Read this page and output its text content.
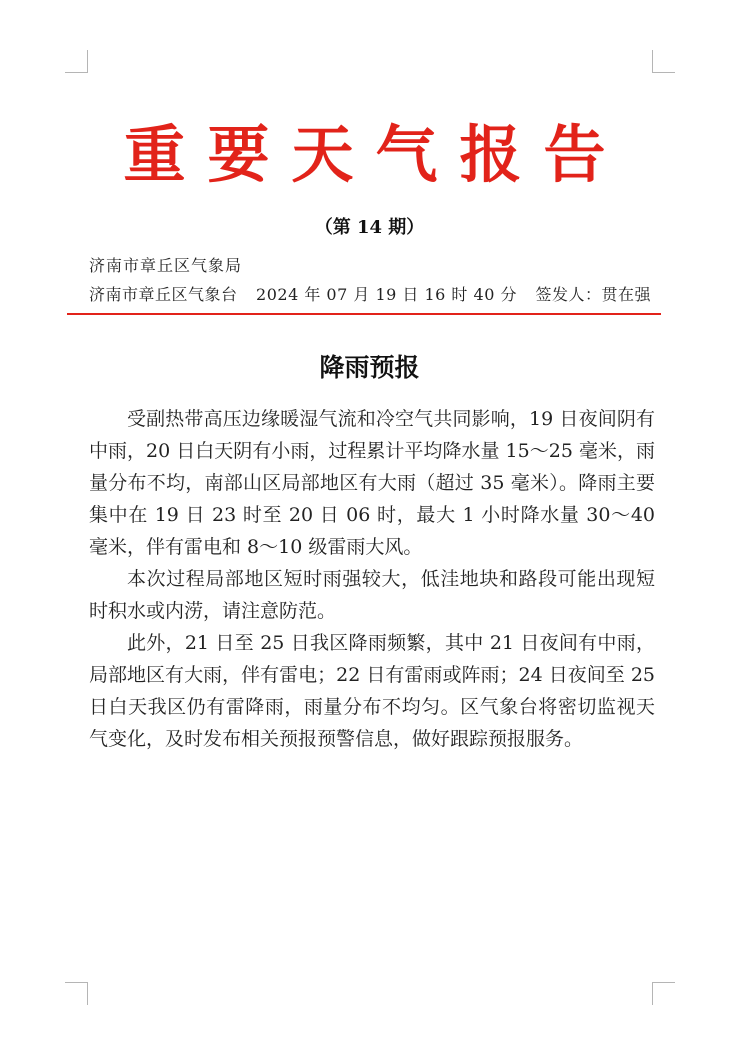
重要天气报告
（第 14 期）
济南市章丘区气象局
济南市章丘区气象台 2024 年 07 月 19 日 16 时 40 分 签发人：贯在强
降雨预报

受副热带高压边缘暖湿气流和冷空气共同影响，19 日夜间阴有中雨，20 日白天阴有小雨，过程累计平均降水量 15～25 毫米，雨量分布不均，南部山区局部地区有大雨（超过 35 毫米）。降雨主要集中在 19 日 23 时至 20 日 06 时，最大 1 小时降水量 30～40 毫米，伴有雷电和 8～10 级雷雨大风。

本次过程局部地区短时雨强较大，低洼地块和路段可能出现短时积水或内涝，请注意防范。

此外，21 日至 25 日我区降雨频繁，其中 21 日夜间有中雨，局部地区有大雨，伴有雷电；22 日有雷雨或阵雨；24 日夜间至 25 日白天我区仍有雷降雨，雨量分布不均匀。区气象台将密切监视天气变化，及时发布相关预报预警信息，做好跟踪预报服务。
